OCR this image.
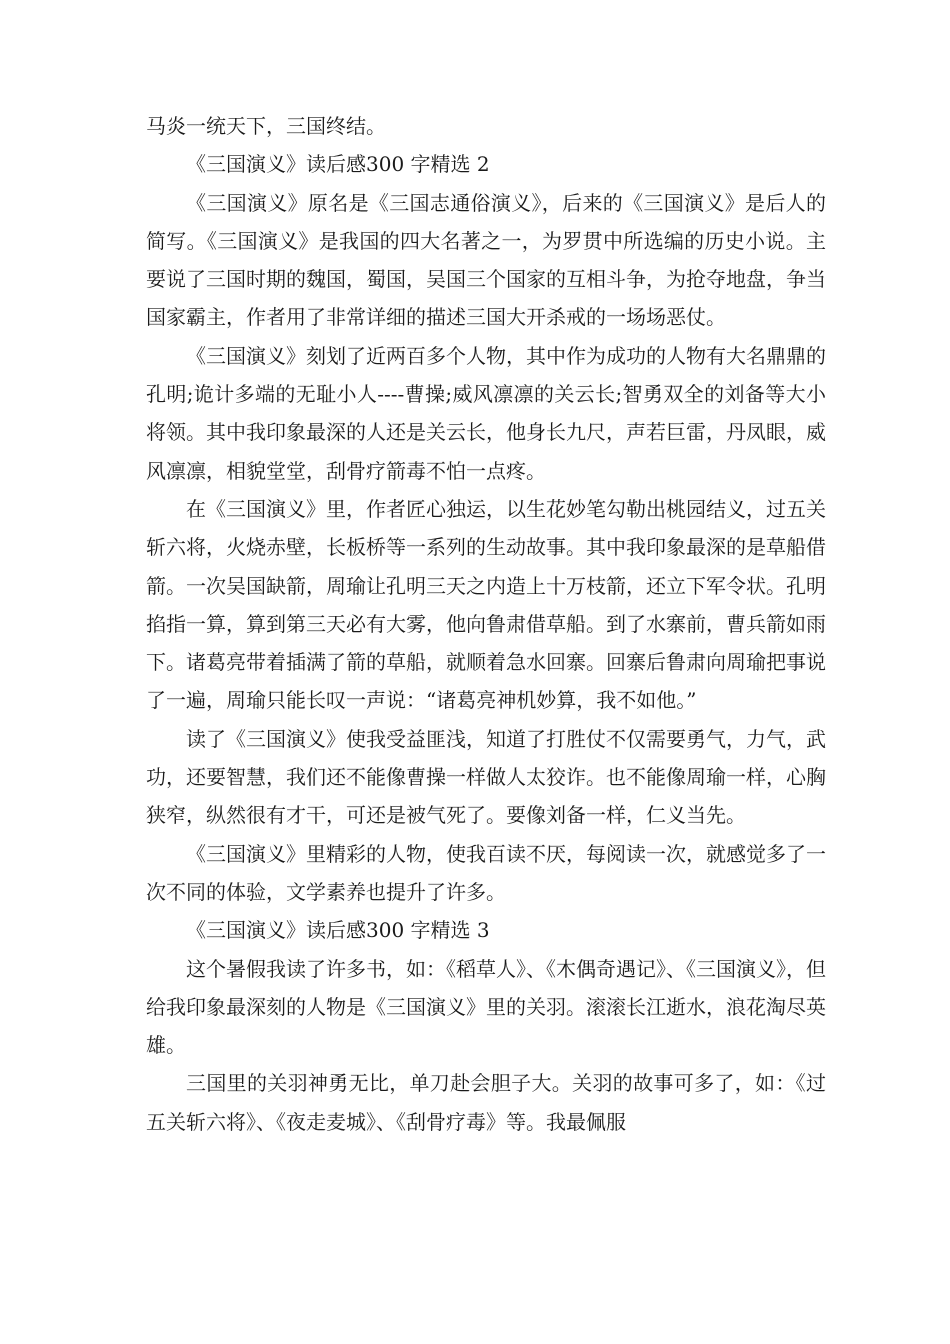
马炎一统天下，三国终结。

《三国演义》读后感300 字精选 2

《三国演义》原名是《三国志通俗演义》，后来的《三国演义》是后人的简写。《三国演义》是我国的四大名著之一，为罗贯中所选编的历史小说。主要说了三国时期的魏国，蜀国，吴国三个国家的互相斗争，为抢夺地盘，争当国家霸主，作者用了非常详细的描述三国大开杀戒的一场场恶仗。

《三国演义》刻划了近两百多个人物，其中作为成功的人物有大名鼎鼎的孔明;诡计多端的无耻小人----曹操;威风凛凛的关云长;智勇双全的刘备等大小将领。其中我印象最深的人还是关云长，他身长九尺，声若巨雷，丹凤眼，威风凛凛，相貌堂堂，刮骨疗箭毒不怕一点疼。

在《三国演义》里，作者匠心独运，以生花妙笔勾勒出桃园结义，过五关斩六将，火烧赤壁，长板桥等一系列的生动故事。其中我印象最深的是草船借箭。一次吴国缺箭，周瑜让孔明三天之内造上十万枝箭，还立下军令状。孔明掐指一算，算到第三天必有大雾，他向鲁肃借草船。到了水寨前，曹兵箭如雨下。诸葛亮带着插满了箭的草船，就顺着急水回寨。回寨后鲁肃向周瑜把事说了一遍，周瑜只能长叹一声说：“诸葛亮神机妙算，我不如他。”

读了《三国演义》使我受益匪浅，知道了打胜仗不仅需要勇气，力气，武功，还要智慧，我们还不能像曹操一样做人太狡诈。也不能像周瑜一样，心胸狭窄，纵然很有才干，可还是被气死了。要像刘备一样，仁义当先。

《三国演义》里精彩的人物，使我百读不厌，每阅读一次，就感觉多了一次不同的体验，文学素养也提升了许多。

《三国演义》读后感300 字精选 3

这个暑假我读了许多书，如：《稻草人》、《木偶奇遇记》、《三国演义》，但给我印象最深刻的人物是《三国演义》里的关羽。滚滚长江逝水，浪花淘尽英雄。

三国里的关羽神勇无比，单刀赴会胆子大。关羽的故事可多了，如：《过五关斩六将》、《夜走麦城》、《刮骨疗毒》等。我最佩服
